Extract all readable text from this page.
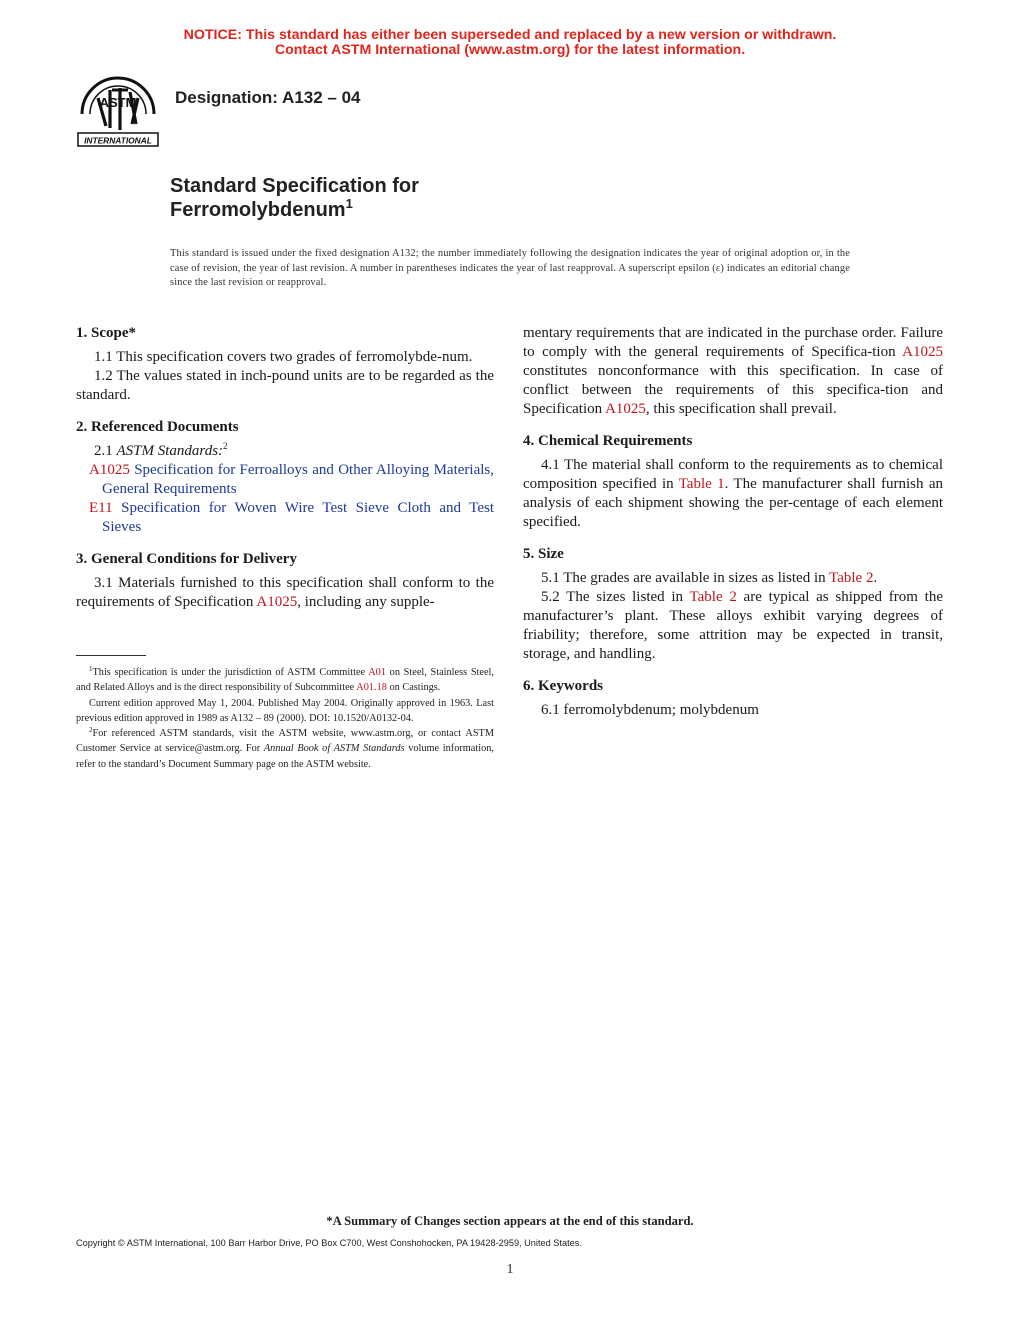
NOTICE: This standard has either been superseded and replaced by a new version or withdrawn.
Contact ASTM International (www.astm.org) for the latest information.
ASTM
INTERNATIONAL
Designation: A132 – 04
Standard Specification for
Ferromolybdenum$^1$
This standard is issued under the fixed designation A132; the number immediately following the designation indicates the year of original adoption or, in the case of revision, the year of last revision. A number in parentheses indicates the year of last reapproval. A superscript epsilon (ε) indicates an editorial change since the last revision or reapproval.
1. Scope*

1.1 This specification covers two grades of ferromolybde-num.

1.2 The values stated in inch-pound units are to be regarded as the standard.

2. Referenced Documents

2.1 ASTM Standards:$^2$

A1025 Specification for Ferroalloys and Other Alloying Materials, General Requirements

E11 Specification for Woven Wire Test Sieve Cloth and Test Sieves

3. General Conditions for Delivery

3.1 Materials furnished to this specification shall conform to the requirements of Specification A1025, including any supple-

$^1$This specification is under the jurisdiction of ASTM Committee A01 on Steel, Stainless Steel, and Related Alloys and is the direct responsibility of Subcommittee A01.18 on Castings.

Current edition approved May 1, 2004. Published May 2004. Originally approved in 1963. Last previous edition approved in 1989 as A132 – 89 (2000). DOI: 10.1520/A0132-04.

$^2$For referenced ASTM standards, visit the ASTM website, www.astm.org, or contact ASTM Customer Service at service@astm.org. For Annual Book of ASTM Standards volume information, refer to the standard’s Document Summary page on the ASTM website.

mentary requirements that are indicated in the purchase order. Failure to comply with the general requirements of Specifica-tion A1025 constitutes nonconformance with this specification. In case of conflict between the requirements of this specifica-tion and Specification A1025, this specification shall prevail.

4. Chemical Requirements

4.1 The material shall conform to the requirements as to chemical composition specified in Table 1. The manufacturer shall furnish an analysis of each shipment showing the per-centage of each element specified.

5. Size

5.1 The grades are available in sizes as listed in Table 2.

5.2 The sizes listed in Table 2 are typical as shipped from the manufacturer’s plant. These alloys exhibit varying degrees of friability; therefore, some attrition may be expected in transit, storage, and handling.

6. Keywords

6.1 ferromolybdenum; molybdenum

*A Summary of Changes section appears at the end of this standard.
Copyright © ASTM International, 100 Barr Harbor Drive, PO Box C700, West Conshohocken, PA 19428-2959, United States.
1
